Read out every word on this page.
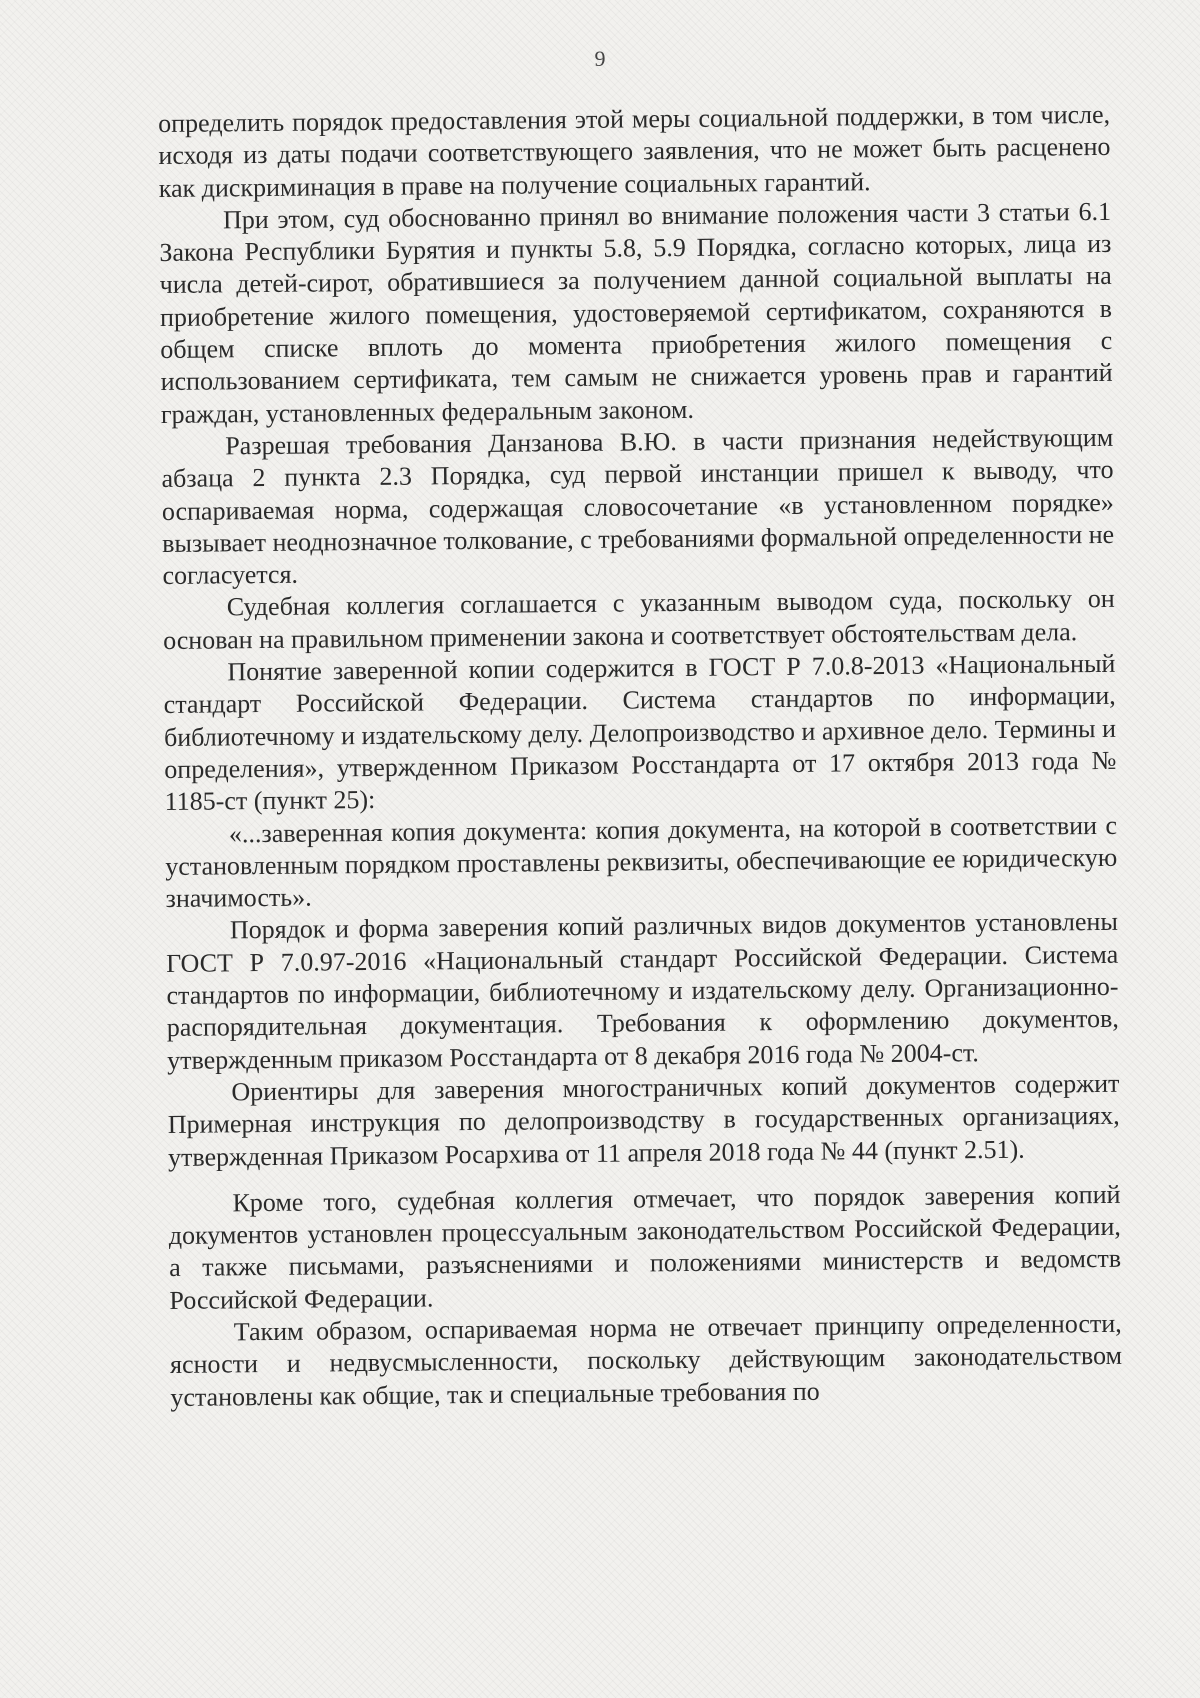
9

определить порядок предоставления этой меры социальной поддержки, в том числе, исходя из даты подачи соответствующего заявления, что не может быть расценено как дискриминация в праве на получение социальных гарантий.

При этом, суд обоснованно принял во внимание положения части 3 статьи 6.1 Закона Республики Бурятия и пункты 5.8, 5.9 Порядка, согласно которых, лица из числа детей-сирот, обратившиеся за получением данной социальной выплаты на приобретение жилого помещения, удостоверяемой сертификатом, сохраняются в общем списке вплоть до момента приобретения жилого помещения с использованием сертификата, тем самым не снижается уровень прав и гарантий граждан, установленных федеральным законом.

Разрешая требования Данзанова В.Ю. в части признания недействующим абзаца 2 пункта 2.3 Порядка, суд первой инстанции пришел к выводу, что оспариваемая норма, содержащая словосочетание «в установленном порядке» вызывает неоднозначное толкование, с требованиями формальной определенности не согласуется.

Судебная коллегия соглашается с указанным выводом суда, поскольку он основан на правильном применении закона и соответствует обстоятельствам дела.

Понятие заверенной копии содержится в ГОСТ Р 7.0.8-2013 «Национальный стандарт Российской Федерации. Система стандартов по информации, библиотечному и издательскому делу. Делопроизводство и архивное дело. Термины и определения», утвержденном Приказом Росстандарта от 17 октября 2013 года № 1185-ст (пункт 25):

«...заверенная копия документа: копия документа, на которой в соответствии с установленным порядком проставлены реквизиты, обеспечивающие ее юридическую значимость».

Порядок и форма заверения копий различных видов документов установлены ГОСТ Р 7.0.97-2016 «Национальный стандарт Российской Федерации. Система стандартов по информации, библиотечному и издательскому делу. Организационно-распорядительная документация. Требования к оформлению документов, утвержденным приказом Росстандарта от 8 декабря 2016 года № 2004-ст.

Ориентиры для заверения многостраничных копий документов содержит Примерная инструкция по делопроизводству в государственных организациях, утвержденная Приказом Росархива от 11 апреля 2018 года № 44 (пункт 2.51).

Кроме того, судебная коллегия отмечает, что порядок заверения копий документов установлен процессуальным законодательством Российской Федерации, а также письмами, разъяснениями и положениями министерств и ведомств Российской Федерации.

Таким образом, оспариваемая норма не отвечает принципу определенности, ясности и недвусмысленности, поскольку действующим законодательством установлены как общие, так и специальные требования по
